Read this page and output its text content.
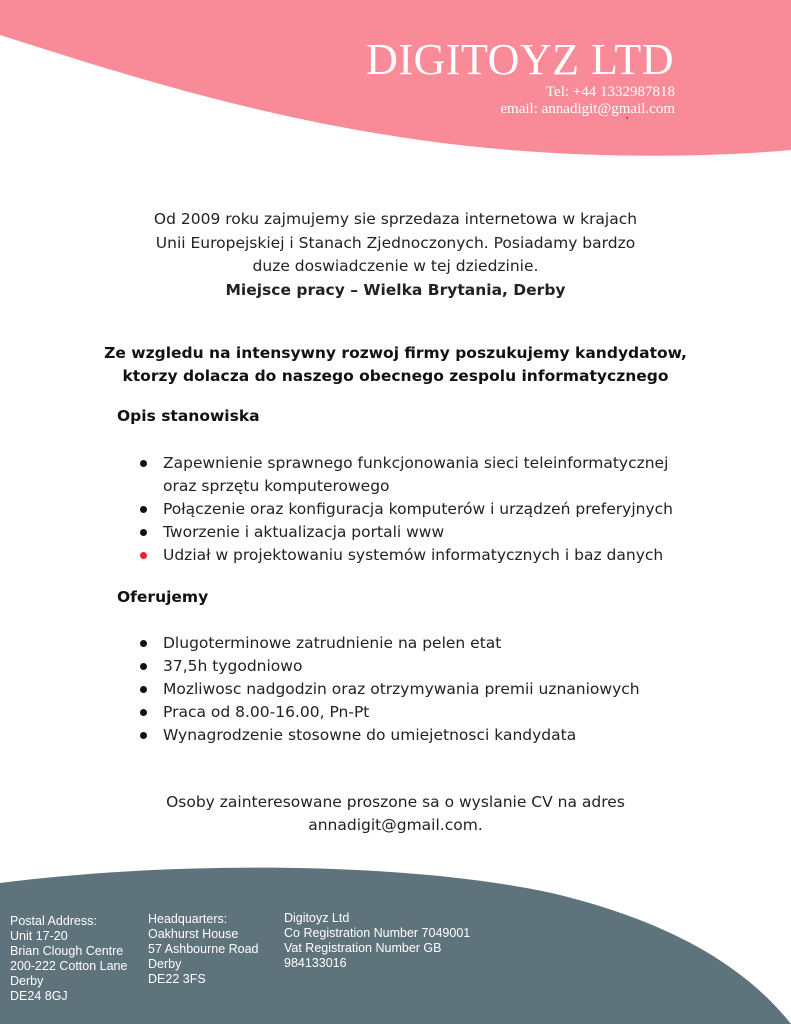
DIGITOYZ LTD
Tel: +44 1332987818
email: annadigit@gmail.com
Od 2009 roku zajmujemy sie sprzedaza internetowa w krajach Unii Europejskiej i Stanach Zjednoczonych. Posiadamy bardzo duze doswiadczenie w tej dziedzinie.
Miejsce pracy – Wielka Brytania, Derby
Ze wzgledu na intensywny rozwoj firmy poszukujemy kandydatow, ktorzy dolacza do naszego obecnego zespolu informatycznego
Opis stanowiska
Zapewnienie sprawnego funkcjonowania sieci teleinformatycznej oraz sprzętu komputerowego
Połączenie oraz konfiguracja komputerów i urządzeń preferyjnych
Tworzenie i aktualizacja portali www
Udział w projektowaniu systemów informatycznych i baz danych
Oferujemy
Dlugoterminowe zatrudnienie na pelen etat
37,5h tygodniowo
Mozliwosc nadgodzin oraz otrzymywania premii uznaniowych
Praca od 8.00-16.00, Pn-Pt
Wynagrodzenie stosowne do umiejetnosci kandydata
Osoby zainteresowane proszone sa o wyslanie CV na adres
annadigit@gmail.com.
Postal Address:
Unit 17-20
Brian Clough Centre
200-222 Cotton Lane
Derby
DE24 8GJ
Headquarters:
Oakhurst House
57 Ashbourne Road
Derby
DE22 3FS
Digitoyz Ltd
Co Registration Number 7049001
Vat Registration Number GB
984133016
